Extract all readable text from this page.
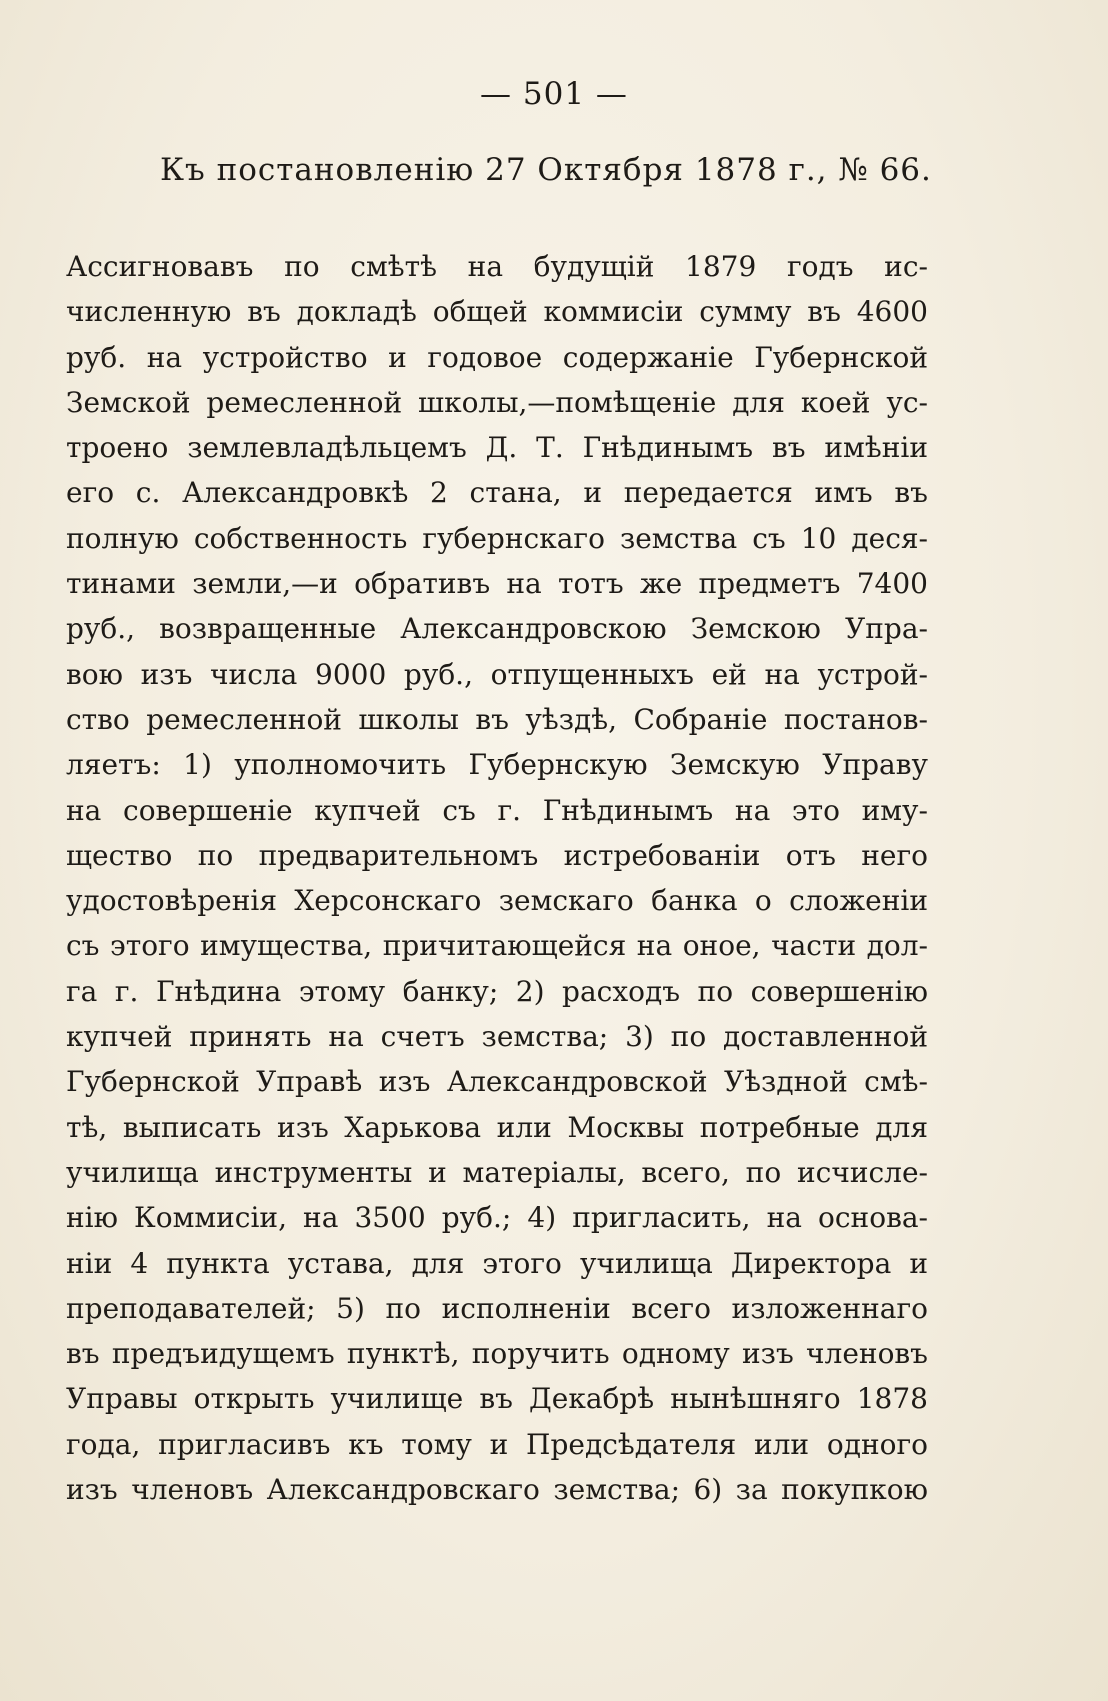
— 501 —
Къ постановленію 27 Октября 1878 г., № 66.
Ассигновавъ по смѣтѣ на будущій 1879 годъ ис-
численную въ докладѣ общей коммисіи сумму въ 4600
руб. на устройство и годовое содержаніе Губернской
Земской ремесленной школы,—помѣщеніе для коей ус-
троено землевладѣльцемъ Д. Т. Гнѣдинымъ въ имѣніи
его с. Александровкѣ 2 стана, и передается имъ въ
полную собственность губернскаго земства съ 10 деся-
тинами земли,—и обративъ на тотъ же предметъ 7400
руб., возвращенные Александровскою Земскою Упра-
вою изъ числа 9000 руб., отпущенныхъ ей на устрой-
ство ремесленной школы въ уѣздѣ, Собраніе постанов-
ляетъ: 1) уполномочить Губернскую Земскую Управу
на совершеніе купчей съ г. Гнѣдинымъ на это иму-
щество по предварительномъ истребованіи отъ него
удостовѣренія Херсонскаго земскаго банка о сложеніи
съ этого имущества, причитающейся на оное, части дол-
га г. Гнѣдина этому банку; 2) расходъ по совершенію
купчей принять на счетъ земства; 3) по доставленной
Губернской Управѣ изъ Александровской Уѣздной смѣ-
тѣ, выписать изъ Харькова или Москвы потребные для
училища инструменты и матеріалы, всего, по исчисле-
нію Коммисіи, на 3500 руб.; 4) пригласить, на основа-
ніи 4 пункта устава, для этого училища Директора и
преподавателей; 5) по исполненіи всего изложеннаго
въ предъидущемъ пунктѣ, поручить одному изъ членовъ
Управы открыть училище въ Декабрѣ нынѣшняго 1878
года, пригласивъ къ тому и Предсѣдателя или одного
изъ членовъ Александровскаго земства; 6) за покупкою
